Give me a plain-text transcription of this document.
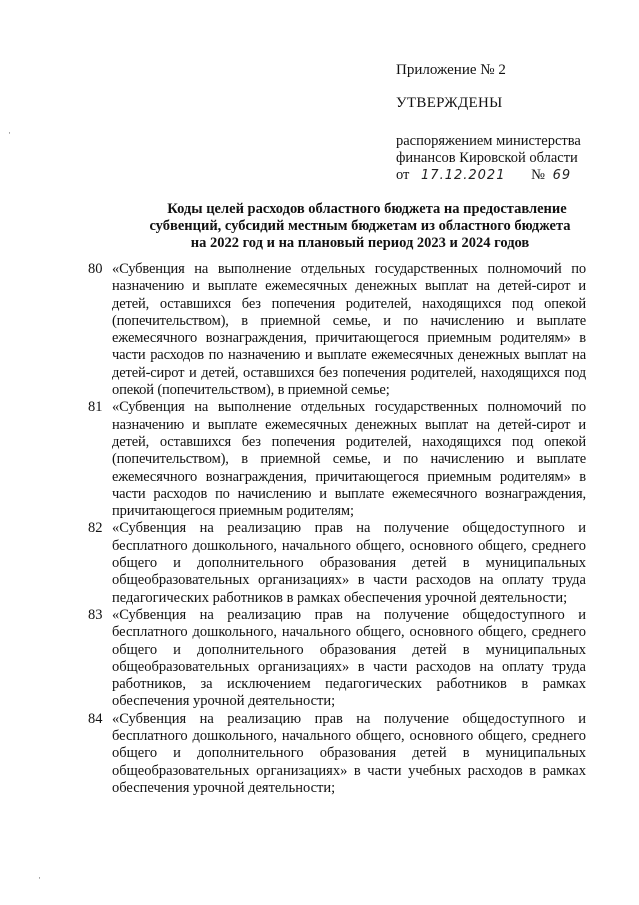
Приложение № 2
УТВЕРЖДЕНЫ
распоряжением министерства
финансов Кировской области
от 17.12.2021 № 69
Коды целей расходов областного бюджета на предоставление
субвенций, субсидий местным бюджетам из областного бюджета
на 2022 год и на плановый период 2023 и 2024 годов
80 «Субвенция на выполнение отдельных государственных полномочий по назначению и выплате ежемесячных денежных выплат на детей-сирот и детей, оставшихся без попечения родителей, находящихся под опекой (попечительством), в приемной семье, и по начислению и выплате ежемесячного вознаграждения, причитающегося приемным родителям» в части расходов по назначению и выплате ежемесячных денежных выплат на детей-сирот и детей, оставшихся без попечения родителей, находящихся под опекой (попечительством), в приемной семье;
81 «Субвенция на выполнение отдельных государственных полномочий по назначению и выплате ежемесячных денежных выплат на детей-сирот и детей, оставшихся без попечения родителей, находящихся под опекой (попечительством), в приемной семье, и по начислению и выплате ежемесячного вознаграждения, причитающегося приемным родителям» в части расходов по начислению и выплате ежемесячного вознаграждения, причитающегося приемным родителям;
82 «Субвенция на реализацию прав на получение общедоступного и бесплатного дошкольного, начального общего, основного общего, среднего общего и дополнительного образования детей в муниципальных общеобразовательных организациях» в части расходов на оплату труда педагогических работников в рамках обеспечения урочной деятельности;
83 «Субвенция на реализацию прав на получение общедоступного и бесплатного дошкольного, начального общего, основного общего, среднего общего и дополнительного образования детей в муниципальных общеобразовательных организациях» в части расходов на оплату труда работников, за исключением педагогических работников в рамках обеспечения урочной деятельности;
84 «Субвенция на реализацию прав на получение общедоступного и бесплатного дошкольного, начального общего, основного общего, среднего общего и дополнительного образования детей в муниципальных общеобразовательных организациях» в части учебных расходов в рамках обеспечения урочной деятельности;
·
·
